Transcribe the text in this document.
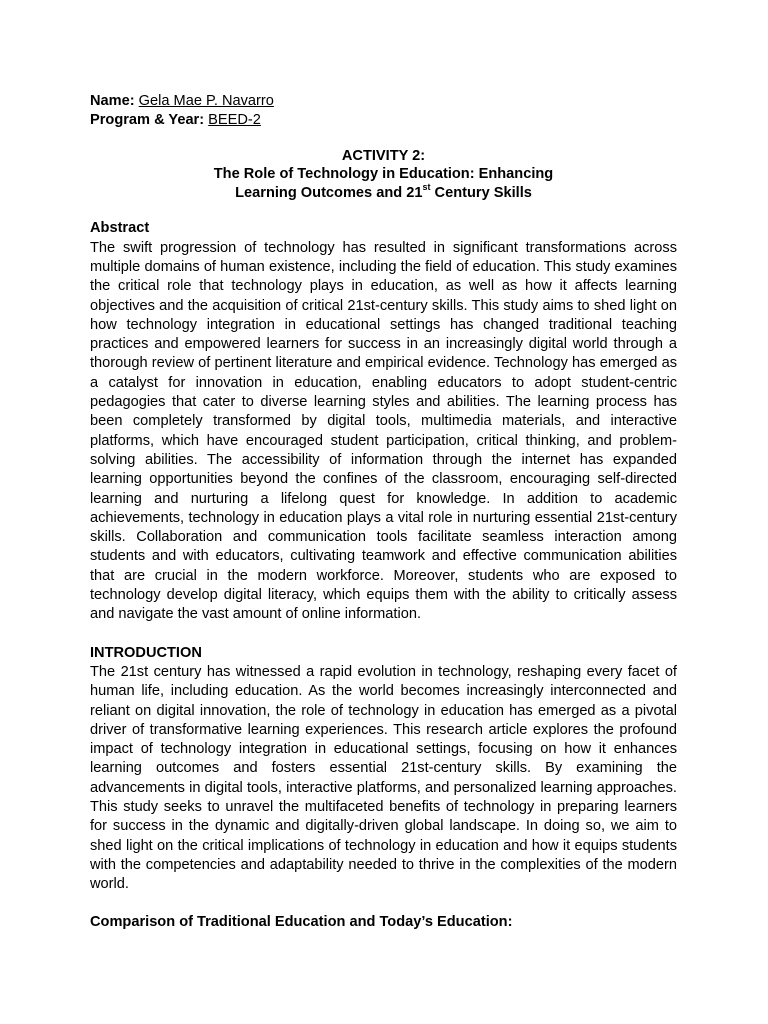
Name: Gela Mae P. Navarro
Program & Year: BEED-2
ACTIVITY 2:
The Role of Technology in Education: Enhancing
Learning Outcomes and 21st Century Skills
Abstract

The swift progression of technology has resulted in significant transformations across multiple domains of human existence, including the field of education. This study examines the critical role that technology plays in education, as well as how it affects learning objectives and the acquisition of critical 21st-century skills. This study aims to shed light on how technology integration in educational settings has changed traditional teaching practices and empowered learners for success in an increasingly digital world through a thorough review of pertinent literature and empirical evidence. Technology has emerged as a catalyst for innovation in education, enabling educators to adopt student-centric pedagogies that cater to diverse learning styles and abilities. The learning process has been completely transformed by digital tools, multimedia materials, and interactive platforms, which have encouraged student participation, critical thinking, and problem-solving abilities. The accessibility of information through the internet has expanded learning opportunities beyond the confines of the classroom, encouraging self-directed learning and nurturing a lifelong quest for knowledge. In addition to academic achievements, technology in education plays a vital role in nurturing essential 21st-century skills. Collaboration and communication tools facilitate seamless interaction among students and with educators, cultivating teamwork and effective communication abilities that are crucial in the modern workforce. Moreover, students who are exposed to technology develop digital literacy, which equips them with the ability to critically assess and navigate the vast amount of online information.

INTRODUCTION

The 21st century has witnessed a rapid evolution in technology, reshaping every facet of human life, including education. As the world becomes increasingly interconnected and reliant on digital innovation, the role of technology in education has emerged as a pivotal driver of transformative learning experiences. This research article explores the profound impact of technology integration in educational settings, focusing on how it enhances learning outcomes and fosters essential 21st-century skills. By examining the advancements in digital tools, interactive platforms, and personalized learning approaches. This study seeks to unravel the multifaceted benefits of technology in preparing learners for success in the dynamic and digitally-driven global landscape. In doing so, we aim to shed light on the critical implications of technology in education and how it equips students with the competencies and adaptability needed to thrive in the complexities of the modern world.

Comparison of Traditional Education and Today’s Education:
